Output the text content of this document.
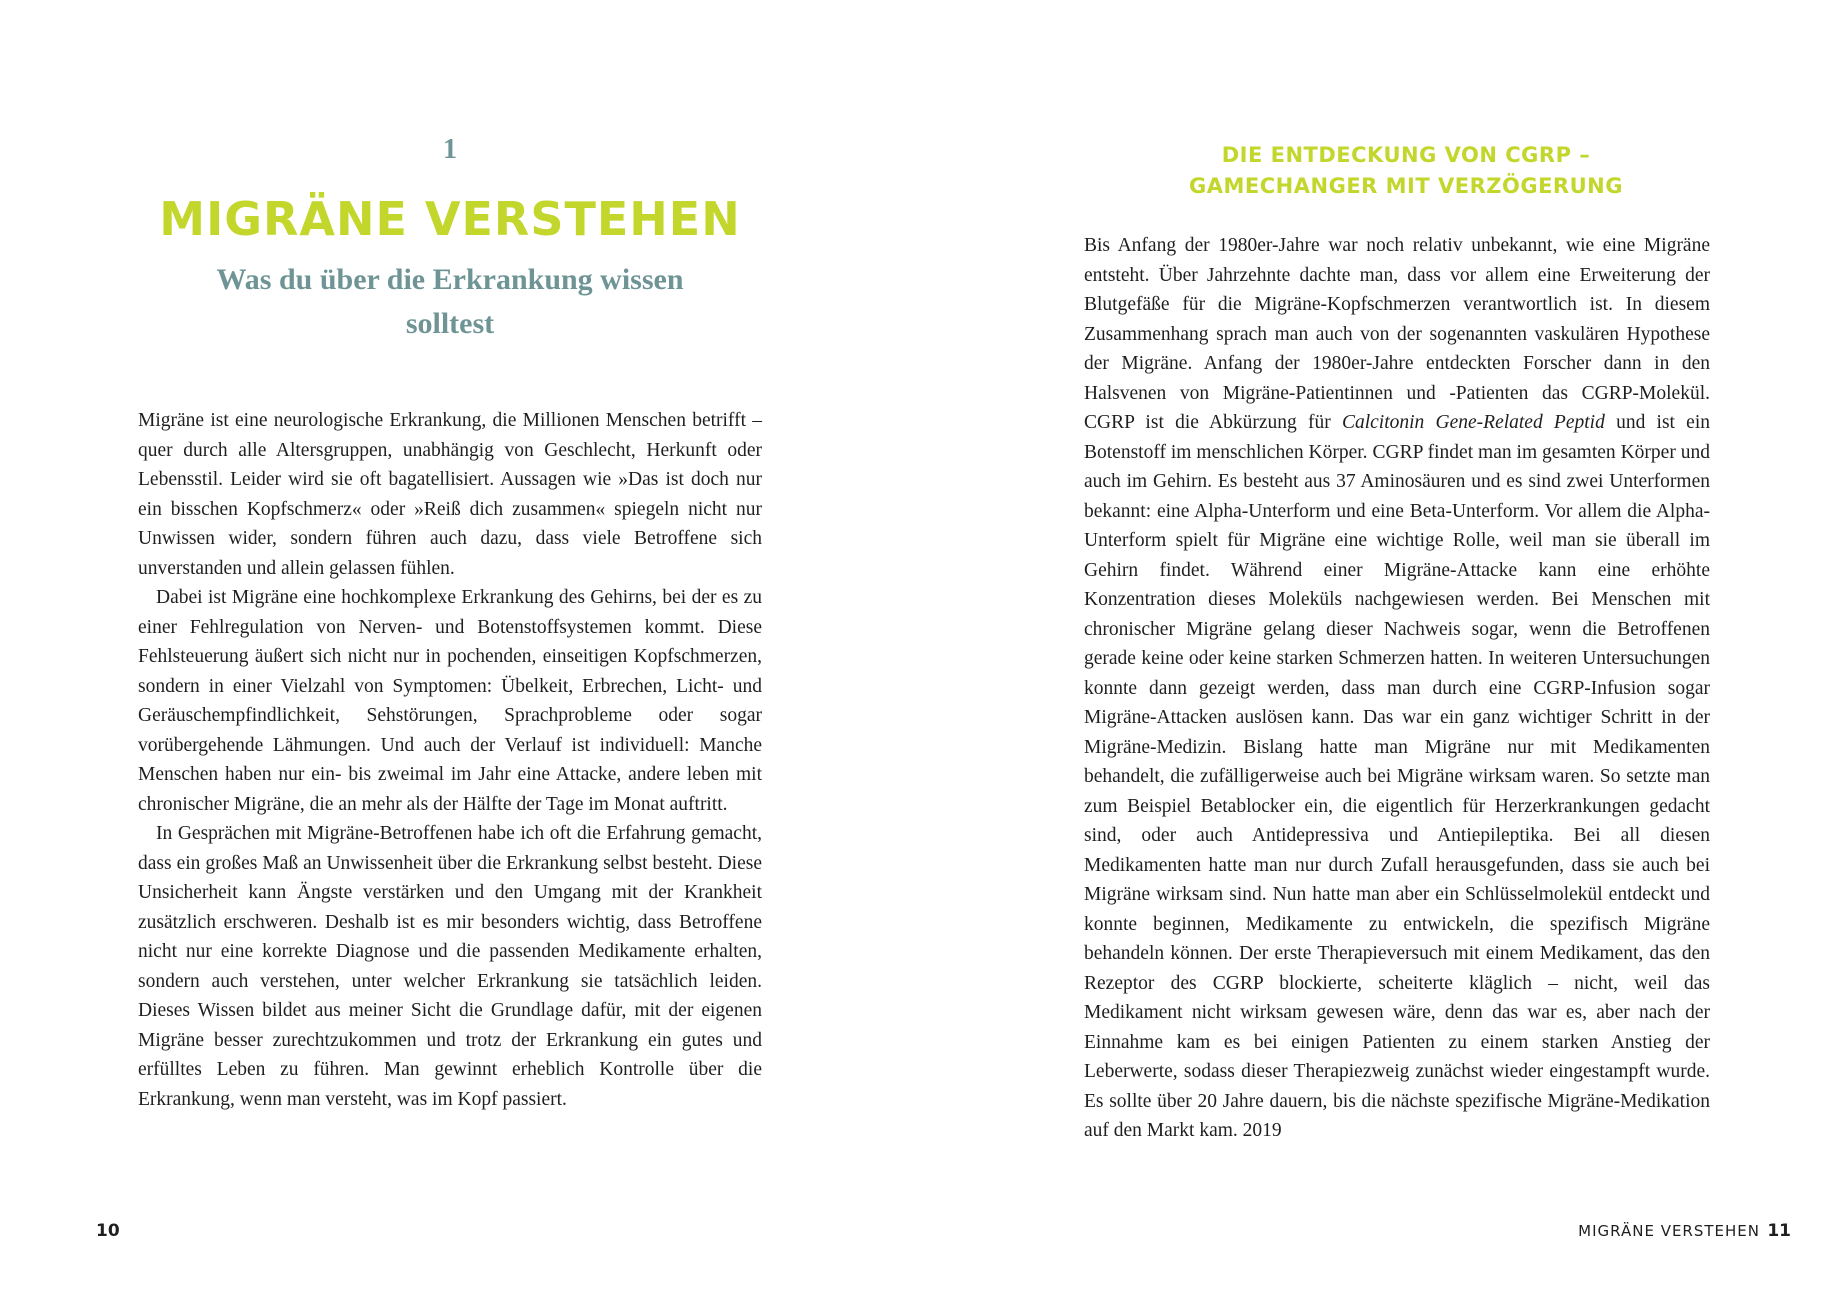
1
MIGRÄNE VERSTEHEN
Was du über die Erkrankung wissen solltest

Migräne ist eine neurologische Erkrankung, die Millionen Menschen betrifft – quer durch alle Altersgruppen, unabhängig von Geschlecht, Herkunft oder Lebensstil. Leider wird sie oft bagatellisiert. Aussagen wie »Das ist doch nur ein bisschen Kopfschmerz« oder »Reiß dich zusammen« spiegeln nicht nur Unwissen wider, sondern führen auch dazu, dass viele Betroffene sich unverstanden und allein gelassen fühlen.

Dabei ist Migräne eine hochkomplexe Erkrankung des Gehirns, bei der es zu einer Fehlregulation von Nerven- und Botenstoffsystemen kommt. Diese Fehlsteuerung äußert sich nicht nur in pochenden, einseitigen Kopfschmerzen, sondern in einer Vielzahl von Symptomen: Übelkeit, Erbrechen, Licht- und Geräuschempfindlichkeit, Sehstörungen, Sprachprobleme oder sogar vorübergehende Lähmungen. Und auch der Verlauf ist individuell: Manche Menschen haben nur ein- bis zweimal im Jahr eine Attacke, andere leben mit chronischer Migräne, die an mehr als der Hälfte der Tage im Monat auftritt.

In Gesprächen mit Migräne-Betroffenen habe ich oft die Erfahrung gemacht, dass ein großes Maß an Unwissenheit über die Erkrankung selbst besteht. Diese Unsicherheit kann Ängste verstärken und den Umgang mit der Krankheit zusätzlich erschweren. Deshalb ist es mir besonders wichtig, dass Betroffene nicht nur eine korrekte Diagnose und die passenden Medikamente erhalten, sondern auch verstehen, unter welcher Erkrankung sie tatsächlich leiden. Dieses Wissen bildet aus meiner Sicht die Grundlage dafür, mit der eigenen Migräne besser zurechtzukommen und trotz der Erkrankung ein gutes und erfülltes Leben zu führen. Man gewinnt erheblich Kontrolle über die Erkrankung, wenn man versteht, was im Kopf passiert.

10
DIE ENTDECKUNG VON CGRP –
GAMECHANGER MIT VERZÖGERUNG

Bis Anfang der 1980er-Jahre war noch relativ unbekannt, wie eine Migräne entsteht. Über Jahrzehnte dachte man, dass vor allem eine Erweiterung der Blutgefäße für die Migräne-Kopfschmerzen verantwortlich ist. In diesem Zusammenhang sprach man auch von der sogenannten vaskulären Hypothese der Migräne. Anfang der 1980er-Jahre entdeckten Forscher dann in den Halsvenen von Migräne-Patientinnen und -Patienten das CGRP-Molekül. CGRP ist die Abkürzung für Calcitonin Gene-Related Peptid und ist ein Botenstoff im menschlichen Körper. CGRP findet man im gesamten Körper und auch im Gehirn. Es besteht aus 37 Aminosäuren und es sind zwei Unterformen bekannt: eine Alpha-Unterform und eine Beta-Unterform. Vor allem die Alpha-Unterform spielt für Migräne eine wichtige Rolle, weil man sie überall im Gehirn findet. Während einer Migräne-Attacke kann eine erhöhte Konzentration dieses Moleküls nachgewiesen werden. Bei Menschen mit chronischer Migräne gelang dieser Nachweis sogar, wenn die Betroffenen gerade keine oder keine starken Schmerzen hatten. In weiteren Untersuchungen konnte dann gezeigt werden, dass man durch eine CGRP-Infusion sogar Migräne-Attacken auslösen kann. Das war ein ganz wichtiger Schritt in der Migräne-Medizin. Bislang hatte man Migräne nur mit Medikamenten behandelt, die zufälligerweise auch bei Migräne wirksam waren. So setzte man zum Beispiel Betablocker ein, die eigentlich für Herzerkrankungen gedacht sind, oder auch Antidepressiva und Antiepileptika. Bei all diesen Medikamenten hatte man nur durch Zufall herausgefunden, dass sie auch bei Migräne wirksam sind. Nun hatte man aber ein Schlüsselmolekül entdeckt und konnte beginnen, Medikamente zu entwickeln, die spezifisch Migräne behandeln können. Der erste Therapieversuch mit einem Medikament, das den Rezeptor des CGRP blockierte, scheiterte kläglich – nicht, weil das Medikament nicht wirksam gewesen wäre, denn das war es, aber nach der Einnahme kam es bei einigen Patienten zu einem starken Anstieg der Leberwerte, sodass dieser Therapiezweig zunächst wieder eingestampft wurde. Es sollte über 20 Jahre dauern, bis die nächste spezifische Migräne-Medikation auf den Markt kam. 2019

MIGRÄNE VERSTEHEN 11
